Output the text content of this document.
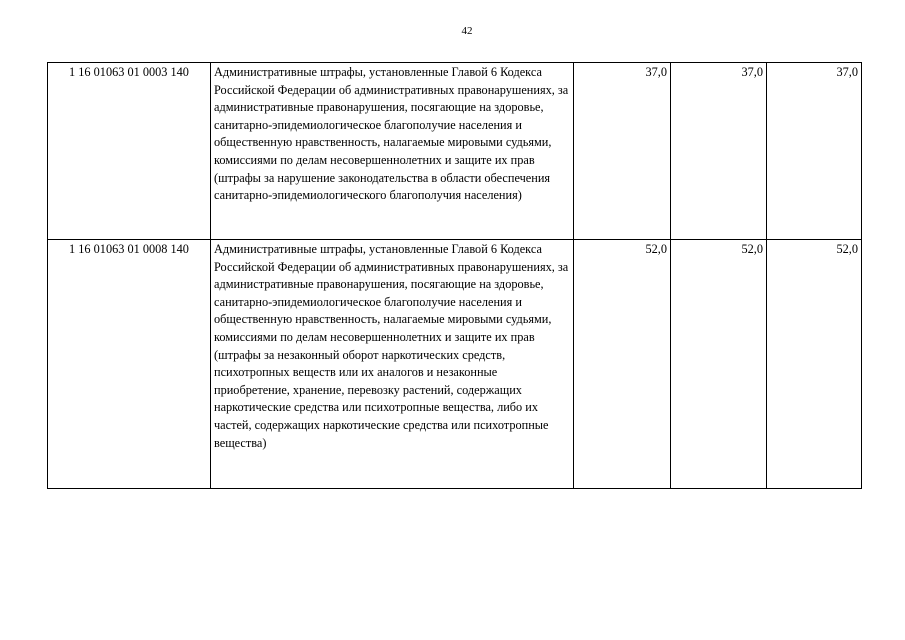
42
1 16 01063 01 0003 140	Административные штрафы, установленные Главой 6 Кодекса Российской Федерации об административных правонарушениях, за административные правонарушения, посягающие на здоровье, санитарно-эпидемиологическое благополучие населения и общественную нравственность, налагаемые мировыми судьями, комиссиями по делам несовершеннолетних и защите их прав (штрафы за нарушение законодательства в области обеспечения санитарно-эпидемиологического благополучия населения)	37,0	37,0	37,0
1 16 01063 01 0008 140	Административные штрафы, установленные Главой 6 Кодекса Российской Федерации об административных правонарушениях, за административные правонарушения, посягающие на здоровье, санитарно-эпидемиологическое благополучие населения и общественную нравственность, налагаемые мировыми судьями, комиссиями по делам несовершеннолетних и защите их прав (штрафы за незаконный оборот наркотических средств, психотропных веществ или их аналогов и незаконные приобретение, хранение, перевозку растений, содержащих наркотические средства или психотропные вещества, либо их частей, содержащих наркотические средства или психотропные вещества)	52,0	52,0	52,0
